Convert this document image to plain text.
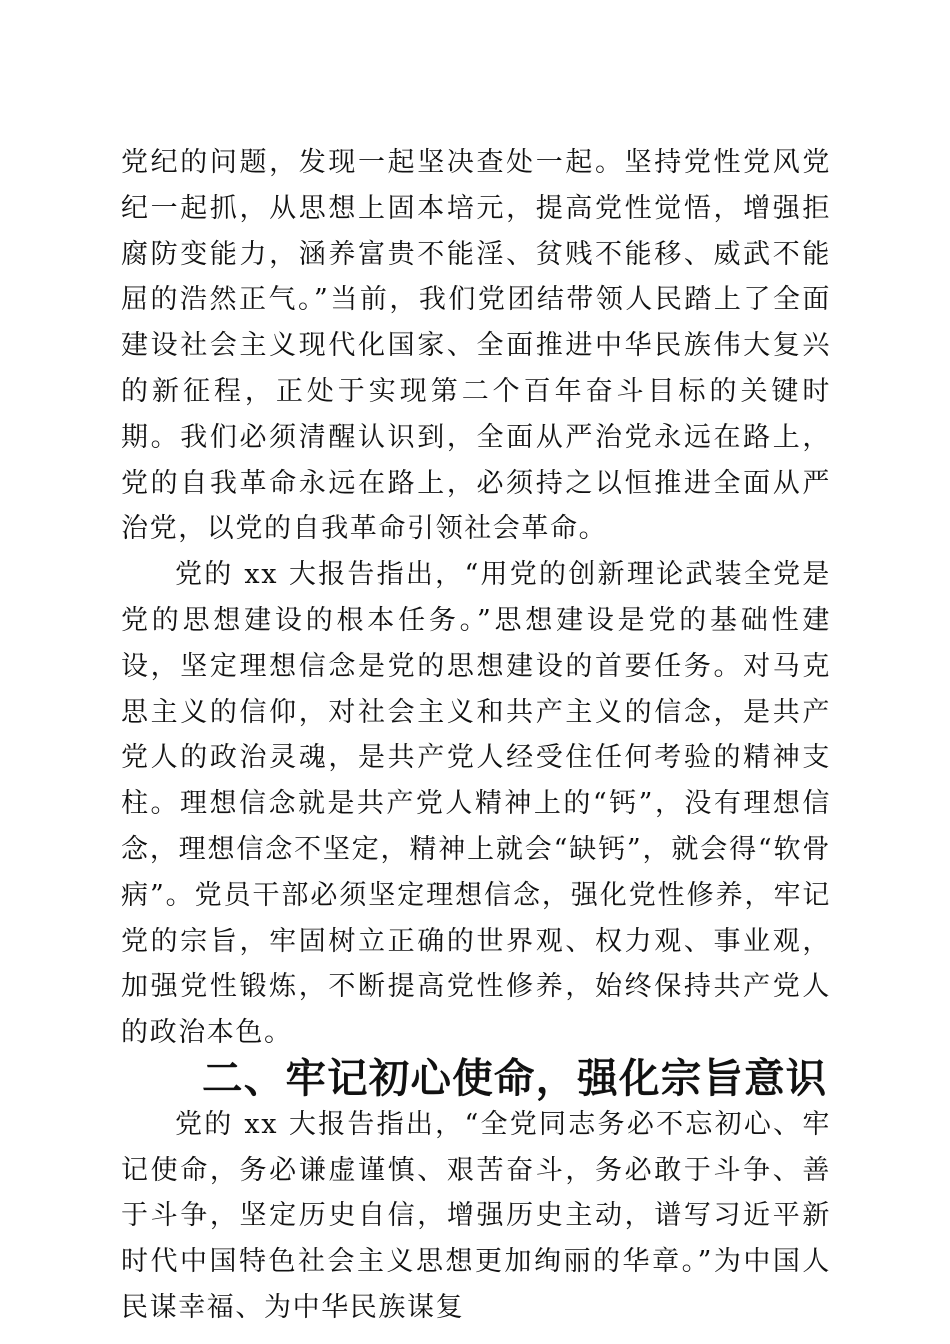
党纪的问题，发现一起坚决查处一起。坚持党性党风党纪一起抓，从思想上固本培元，提高党性觉悟，增强拒腐防变能力，涵养富贵不能淫、贫贱不能移、威武不能屈的浩然正气。”当前，我们党团结带领人民踏上了全面建设社会主义现代化国家、全面推进中华民族伟大复兴的新征程，正处于实现第二个百年奋斗目标的关键时期。我们必须清醒认识到，全面从严治党永远在路上，党的自我革命永远在路上，必须持之以恒推进全面从严治党，以党的自我革命引领社会革命。

党的 xx 大报告指出，“用党的创新理论武装全党是党的思想建设的根本任务。”思想建设是党的基础性建设，坚定理想信念是党的思想建设的首要任务。对马克思主义的信仰，对社会主义和共产主义的信念，是共产党人的政治灵魂，是共产党人经受住任何考验的精神支柱。理想信念就是共产党人精神上的“钙”，没有理想信念，理想信念不坚定，精神上就会“缺钙”，就会得“软骨病”。党员干部必须坚定理想信念，强化党性修养，牢记党的宗旨，牢固树立正确的世界观、权力观、事业观，加强党性锻炼，不断提高党性修养，始终保持共产党人的政治本色。

二、牢记初心使命，强化宗旨意识

党的 xx 大报告指出，“全党同志务必不忘初心、牢记使命，务必谦虚谨慎、艰苦奋斗，务必敢于斗争、善于斗争，坚定历史自信，增强历史主动，谱写习近平新时代中国特色社会主义思想更加绚丽的华章。”为中国人民谋幸福、为中华民族谋复
